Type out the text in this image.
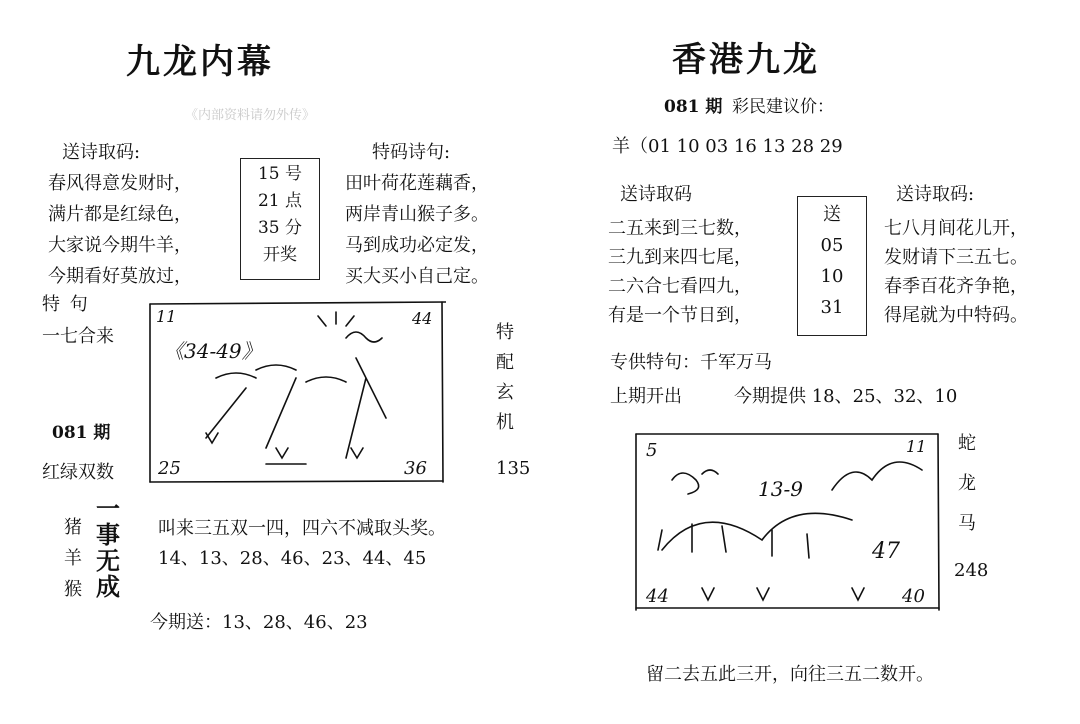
九龙内幕
《内部资料请勿外传》
送诗取码:	特码诗句:
春风得意发财时，
满片都是红绿色，
大家说今期牛羊，
今期看好莫放过，
15 号
21 点
35 分
开奖
田叶荷花莲藕香，
两岸青山猴子多。
马到成功必定发，
买大买小自己定。
特 句
一七合来
081 期
红绿双数
11	44
《34-49》
25	36
特
配
玄
机
135
猪
羊
猴
一
事
无
成
叫来三五双一四，四六不减取头奖。
14、13、28、46、23、44、45
今期送：13、28、46、23
香港九龙
081 期 彩民建议价：
羊（01 10 03 16 13 28 29
送诗取码	送诗取码:
二五来到三七数，
三九到来四七尾，
二六合七看四九，
有是一个节日到，
送
05
10
31
七八月间花儿开，
发财请下三五七。
春季百花齐争艳，
得尾就为中特码。
专供特句：千军万马
上期开出	今期提供 18、25、32、10
5	11
13-9
47
44	40
蛇
龙
马
248
留二去五此三开，向往三五二数开。
